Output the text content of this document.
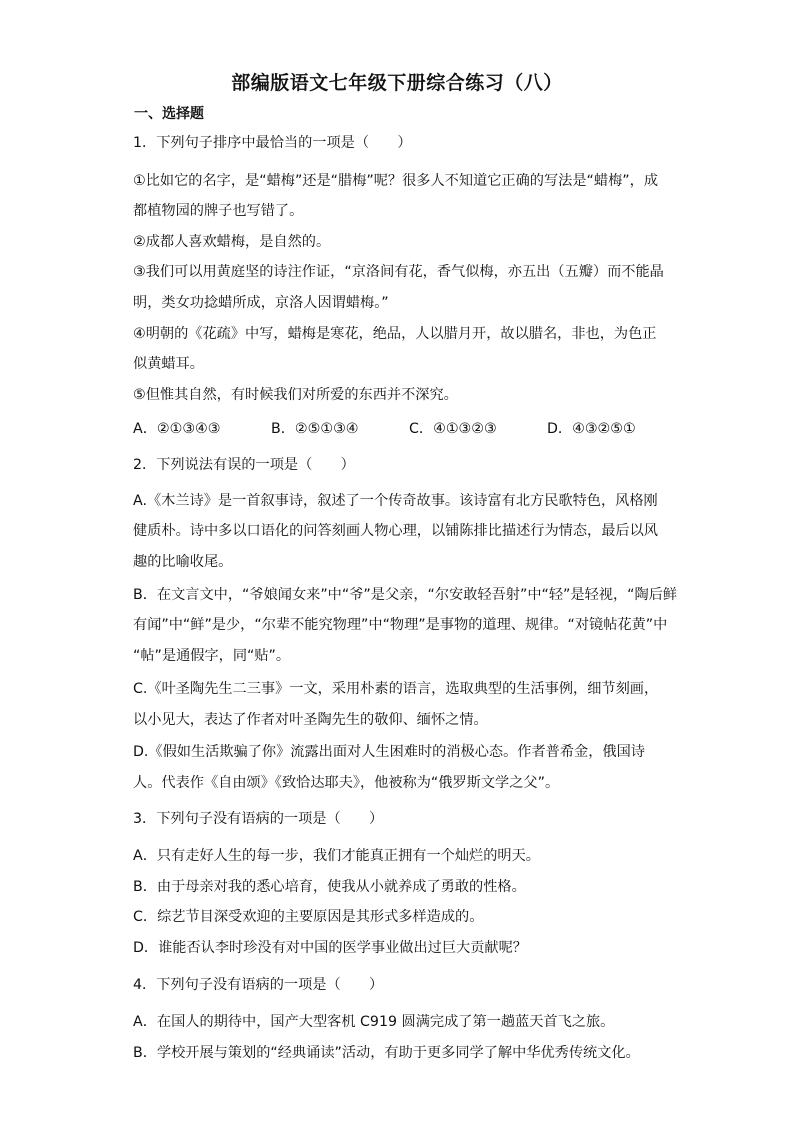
部编版语文七年级下册综合练习（八）
一、选择题
1．下列句子排序中最恰当的一项是（　　）
①比如它的名字，是“蜡梅”还是“腊梅”呢？很多人不知道它正确的写法是“蜡梅”，成
都植物园的牌子也写错了。
②成都人喜欢蜡梅，是自然的。
③我们可以用黄庭坚的诗注作证，“京洛间有花，香气似梅，亦五出（五瓣）而不能晶
明，类女功捻蜡所成，京洛人因谓蜡梅。”
④明朝的《花疏》中写，蜡梅是寒花，绝品，人以腊月开，故以腊名，非也，为色正
似黄蜡耳。
⑤但惟其自然，有时候我们对所爱的东西并不深究。
A．②①③④③	B．②⑤①③④	C．④①③②③	D．④③②⑤①
2．下列说法有误的一项是（　　）
A.《木兰诗》是一首叙事诗，叙述了一个传奇故事。该诗富有北方民歌特色，风格刚
健质朴。诗中多以口语化的问答刻画人物心理，以铺陈排比描述行为情态，最后以风
趣的比喻收尾。
B．在文言文中，“爷娘闻女来”中“爷”是父亲，“尔安敢轻吾射”中“轻”是轻视，“陶后鲜
有闻”中“鲜”是少，“尔辈不能究物理”中“物理”是事物的道理、规律。“对镜帖花黄”中
“帖”是通假字，同“贴”。
C.《叶圣陶先生二三事》一文，采用朴素的语言，选取典型的生活事例，细节刻画，
以小见大，表达了作者对叶圣陶先生的敬仰、缅怀之情。
D.《假如生活欺骗了你》流露出面对人生困难时的消极心态。作者普希金，俄国诗
人。代表作《自由颂》《致恰达耶夫》，他被称为“俄罗斯文学之父”。
3．下列句子没有语病的一项是（　　）
A．只有走好人生的每一步，我们才能真正拥有一个灿烂的明天。
B．由于母亲对我的悉心培育，使我从小就养成了勇敢的性格。
C．综艺节目深受欢迎的主要原因是其形式多样造成的。
D．谁能否认李时珍没有对中国的医学事业做出过巨大贡献呢？
4．下列句子没有语病的一项是（　　）
A．在国人的期待中，国产大型客机 C919 圆满完成了第一趟蓝天首飞之旅。
B．学校开展与策划的“经典诵读”活动，有助于更多同学了解中华优秀传统文化。
